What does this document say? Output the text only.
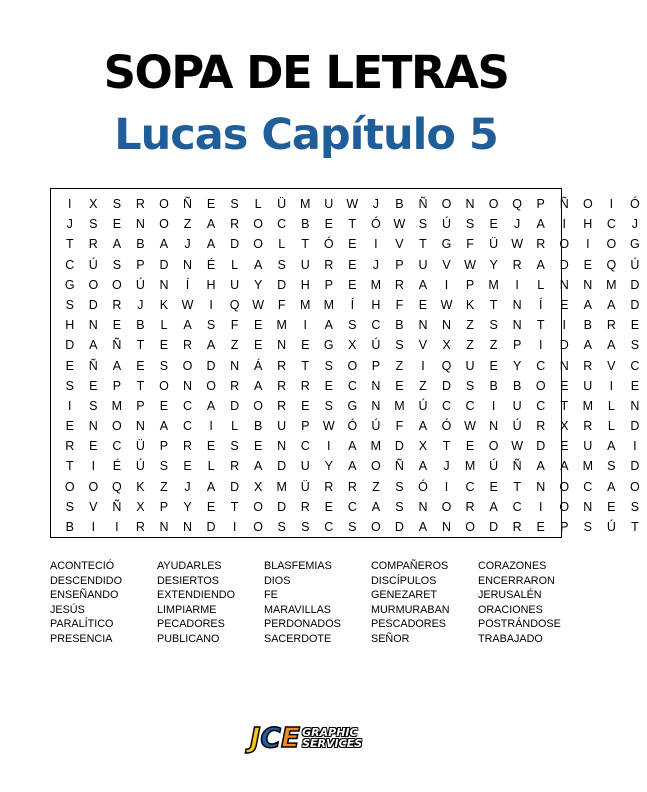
SOPA DE LETRAS
Lucas Capítulo 5
I	X	S	R	O	Ñ	E	S	L	Ü	M	U	W	J	B	Ñ	O	N	O	Q	P	Ñ	O	I	Ó
J	S	E	N	O	Z	A	R	O	C	B	E	T	Ó	W	S	Ú	S	E	J	A	I	H	C	J
T	R	A	B	A	J	A	D	O	L	T	Ó	E	I	V	T	G	F	Ü	W	R	O	I	O	G
C	Ú	S	P	D	N	É	L	A	S	U	R	E	J	P	U	V	W	Y	R	A	D	E	Q	Ú
G	O	O	Ú	N	Í	H	U	Y	D	H	P	E	M	R	A	I	P	M	I	L	N	N	M	D
S	D	R	J	K	W	I	Q	W	F	M	M	Í	H	F	E	W	K	T	N	Í	E	A	A	D
H	N	E	B	L	A	S	F	E	M	I	A	S	C	B	N	N	Z	S	N	T	I	B	R	E
D	A	Ñ	T	E	R	A	Z	E	N	E	G	X	Ú	S	V	X	Z	Z	P	I	D	A	A	S
E	Ñ	A	E	S	O	D	N	Á	R	T	S	O	P	Z	I	Q	U	E	Y	C	N	R	V	C
S	E	P	T	O	N	O	R	A	R	R	E	C	N	E	Z	D	S	B	B	O	E	U	I	E
I	S	M	P	E	C	A	D	O	R	E	S	G	N	M	Ú	C	C	I	U	C	T	M	L	N
E	N	O	N	A	C	I	L	B	U	P	W	Ó	Ú	F	A	Ó	W	N	Ú	R	X	R	L	D
R	E	C	Ü	P	R	E	S	E	N	C	I	A	M	D	X	T	E	O	W	D	E	U	A	I
T	I	É	Ú	S	E	L	R	A	D	U	Y	A	O	Ñ	A	J	M	Ú	Ñ	A	A	M	S	D
O	O	Q	K	Z	J	A	D	X	M	Ü	R	R	Z	S	Ó	I	C	E	T	N	O	C	A	O
S	V	Ñ	X	P	Y	E	T	O	D	R	E	C	A	S	N	O	R	A	C	I	O	N	E	S
B	I	I	R	N	N	D	I	O	S	S	C	S	O	D	A	N	O	D	R	E	P	S	Ú	T
ACONTECIÓ
DESCENDIDO
ENSEÑANDO
JESÚS
PARALÍTICO
PRESENCIA
AYUDARLES
DESIERTOS
EXTENDIENDO
LIMPIARME
PECADORES
PUBLICANO
BLASFEMIAS
DIOS
FE
MARAVILLAS
PERDONADOS
SACERDOTE
COMPAÑEROS
DISCÍPULOS
GENEZARET
MURMURABAN
PESCADORES
SEÑOR
CORAZONES
ENCERRARON
JERUSALÉN
ORACIONES
POSTRÁNDOSE
TRABAJADO
J C E GRAPHIC
SERVICES
